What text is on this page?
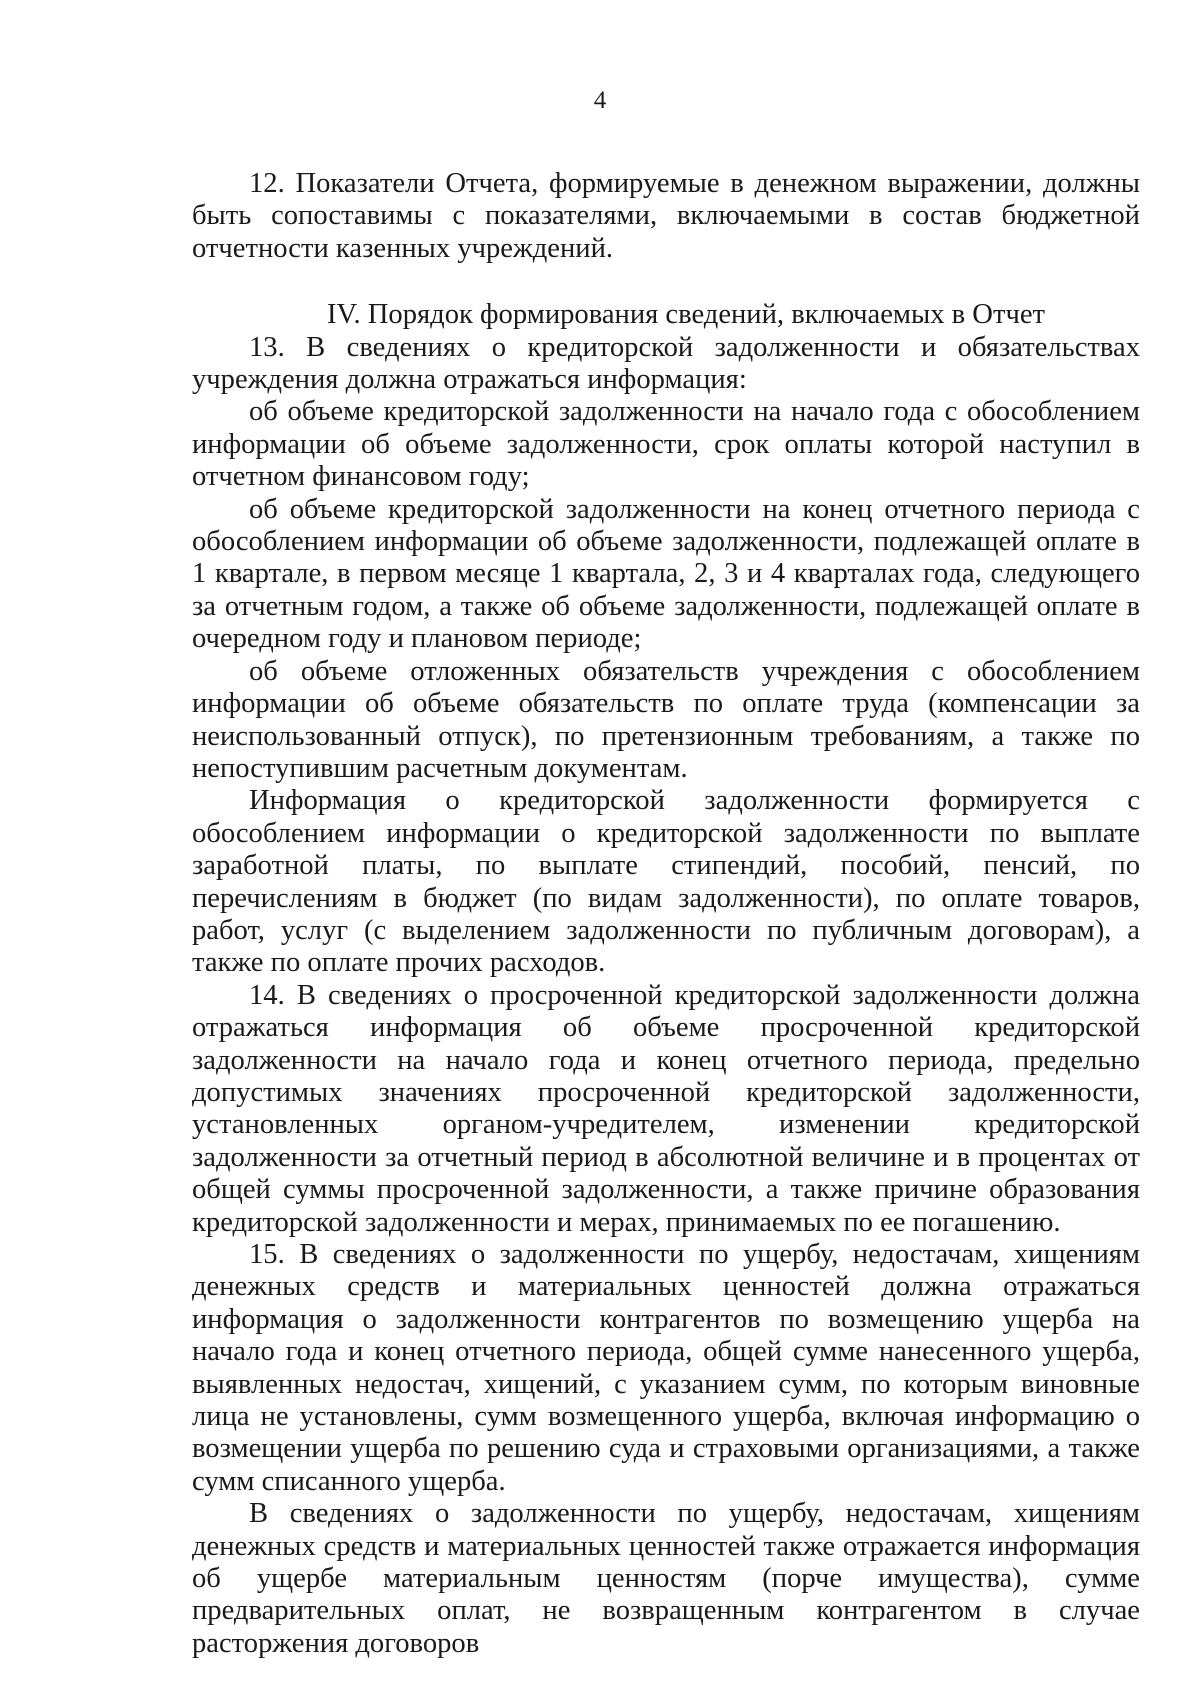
4

12. Показатели Отчета, формируемые в денежном выражении, должны быть сопоставимы с показателями, включаемыми в состав бюджетной отчетности казенных учреждений.

IV. Порядок формирования сведений, включаемых в Отчет

13. В сведениях о кредиторской задолженности и обязательствах учреждения должна отражаться информация:

об объеме кредиторской задолженности на начало года с обособлением информации об объеме задолженности, срок оплаты которой наступил в отчетном финансовом году;

об объеме кредиторской задолженности на конец отчетного периода с обособлением информации об объеме задолженности, подлежащей оплате в 1 квартале, в первом месяце 1 квартала, 2, 3 и 4 кварталах года, следующего за отчетным годом, а также об объеме задолженности, подлежащей оплате в очередном году и плановом периоде;

об объеме отложенных обязательств учреждения с обособлением информации об объеме обязательств по оплате труда (компенсации за неиспользованный отпуск), по претензионным требованиям, а также по непоступившим расчетным документам.

Информация о кредиторской задолженности формируется с обособлением информации о кредиторской задолженности по выплате заработной платы, по выплате стипендий, пособий, пенсий, по перечислениям в бюджет (по видам задолженности), по оплате товаров, работ, услуг (с выделением задолженности по публичным договорам), а также по оплате прочих расходов.

14. В сведениях о просроченной кредиторской задолженности должна отражаться информация об объеме просроченной кредиторской задолженности на начало года и конец отчетного периода, предельно допустимых значениях просроченной кредиторской задолженности, установленных органом-учредителем, изменении кредиторской задолженности за отчетный период в абсолютной величине и в процентах от общей суммы просроченной задолженности, а также причине образования кредиторской задолженности и мерах, принимаемых по ее погашению.

15. В сведениях о задолженности по ущербу, недостачам, хищениям денежных средств и материальных ценностей должна отражаться информация о задолженности контрагентов по возмещению ущерба на начало года и конец отчетного периода, общей сумме нанесенного ущерба, выявленных недостач, хищений, с указанием сумм, по которым виновные лица не установлены, сумм возмещенного ущерба, включая информацию о возмещении ущерба по решению суда и страховыми организациями, а также сумм списанного ущерба.

В сведениях о задолженности по ущербу, недостачам, хищениям денежных средств и материальных ценностей также отражается информация об ущербе материальным ценностям (порче имущества), сумме предварительных оплат, не возвращенным контрагентом в случае расторжения договоров
